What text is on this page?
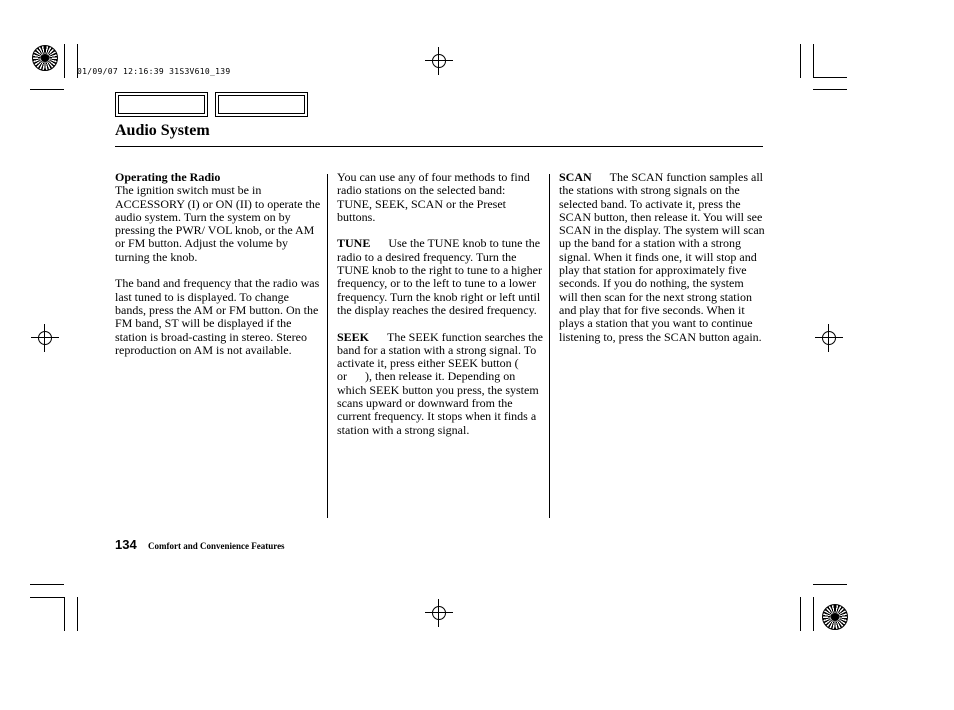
01/09/07 12:16:39 31S3V610_139
Audio System

Operating the Radio
The ignition switch must be in ACCESSORY (I) or ON (II) to operate the audio system. Turn the system on by pressing the PWR/ VOL knob, or the AM or FM button. Adjust the volume by turning the knob.

The band and frequency that the radio was last tuned to is displayed. To change bands, press the AM or FM button. On the FM band, ST will be displayed if the station is broad-casting in stereo. Stereo reproduction on AM is not available.

You can use any of four methods to find radio stations on the selected band: TUNE, SEEK, SCAN or the Preset buttons.

TUNE Use the TUNE knob to tune the radio to a desired frequency. Turn the TUNE knob to the right to tune to a higher frequency, or to the left to tune to a lower frequency. Turn the knob right or left until the display reaches the desired frequency.

SEEK The SEEK function searches the band for a station with a strong signal. To activate it, press either SEEK button (or ), then release it. Depending on which SEEK button you press, the system scans upward or downward from the current frequency. It stops when it finds a station with a strong signal.

SCAN The SCAN function samples all the stations with strong signals on the selected band. To activate it, press the SCAN button, then release it. You will see SCAN in the display. The system will scan up the band for a station with a strong signal. When it finds one, it will stop and play that station for approximately five seconds. If you do nothing, the system will then scan for the next strong station and play that for five seconds. When it plays a station that you want to continue listening to, press the SCAN button again.

134 Comfort and Convenience Features
